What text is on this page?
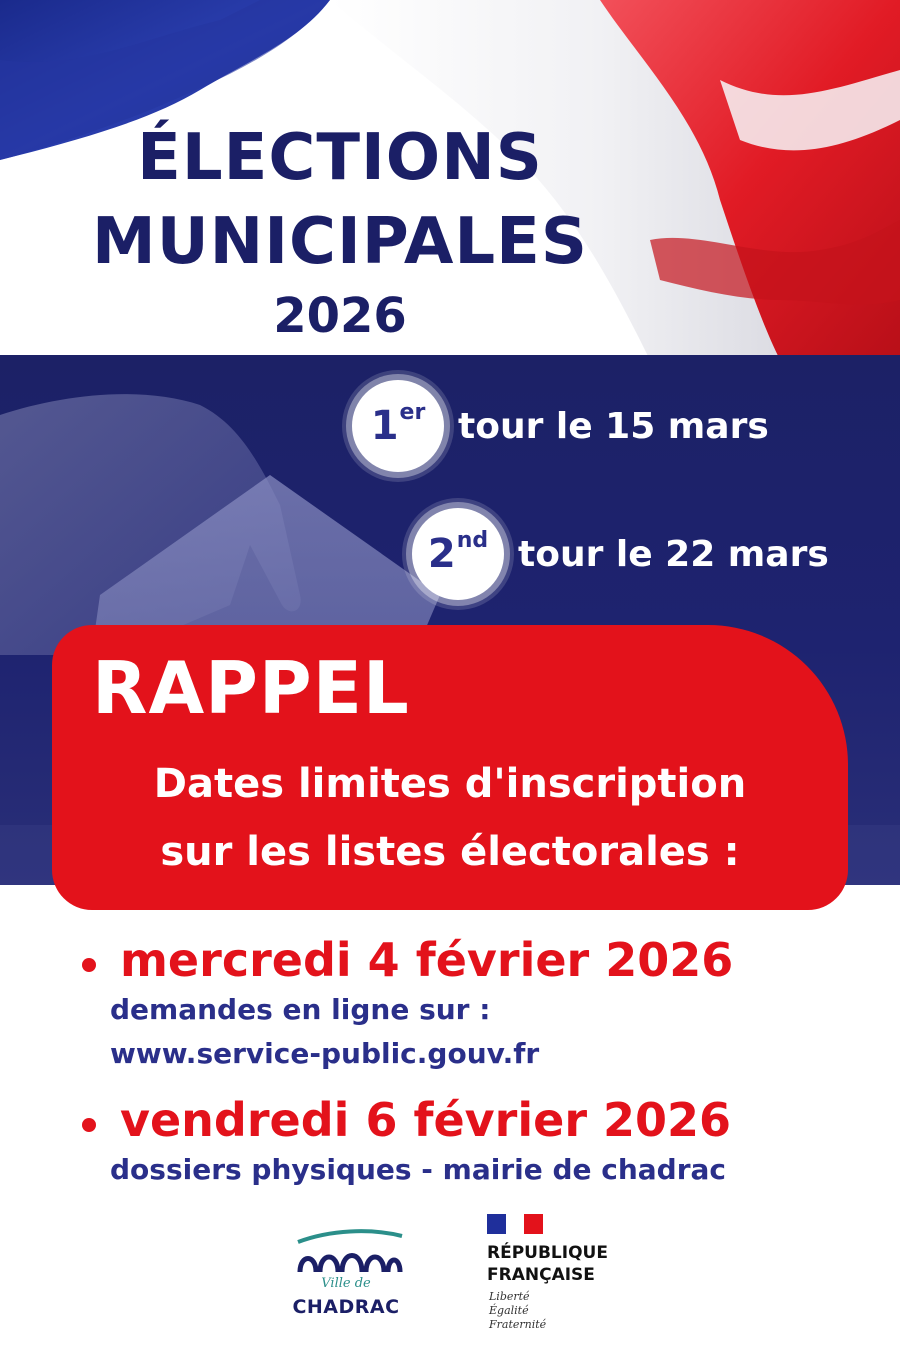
ÉLECTIONS
MUNICIPALES
2026
1er tour le 15 mars
2nd tour le 22 mars
RAPPEL
Dates limites d'inscription
sur les listes électorales :
mercredi 4 février 2026
demandes en ligne sur :
www.service-public.gouv.fr
vendredi 6 février 2026
dossiers physiques - mairie de chadrac
Ville de
CHADRAC
RÉPUBLIQUE
FRANÇAISE
Liberté
Égalité
Fraternité
